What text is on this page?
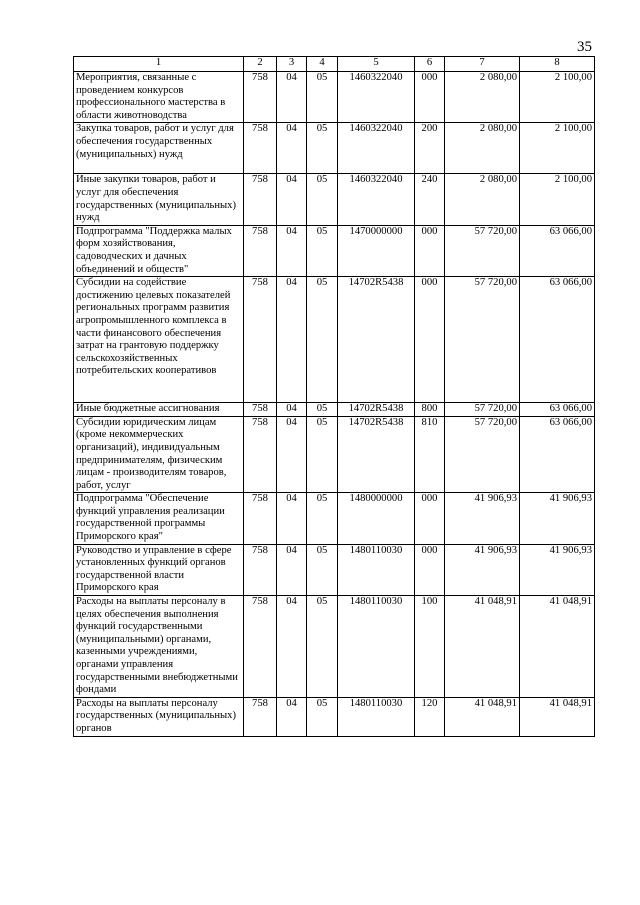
35
1	2	3	4	5	6	7	8
Мероприятия, связанные с проведением конкурсов профессионального мастерства в области животноводства	758	04	05	1460322040	000	2 080,00	2 100,00
Закупка товаров, работ и услуг для обеспечения государственных (муниципальных) нужд	758	04	05	1460322040	200	2 080,00	2 100,00
Иные закупки товаров, работ и услуг для обеспечения государственных (муниципальных) нужд	758	04	05	1460322040	240	2 080,00	2 100,00
Подпрограмма "Поддержка малых форм хозяйствования, садоводческих и дачных объединений и обществ"	758	04	05	1470000000	000	57 720,00	63 066,00
Субсидии на содействие достижению целевых показателей региональных программ развития агропромышленного комплекса в части финансового обеспечения затрат на грантовую поддержку сельскохозяйственных потребительских кооперативов	758	04	05	14702R5438	000	57 720,00	63 066,00
Иные бюджетные ассигнования	758	04	05	14702R5438	800	57 720,00	63 066,00
Субсидии юридическим лицам (кроме некоммерческих организаций), индивидуальным предпринимателям, физическим лицам - производителям товаров, работ, услуг	758	04	05	14702R5438	810	57 720,00	63 066,00
Подпрограмма "Обеспечение функций управления реализации государственной программы Приморского края"	758	04	05	1480000000	000	41 906,93	41 906,93
Руководство и управление в сфере установленных функций органов государственной власти Приморского края	758	04	05	1480110030	000	41 906,93	41 906,93
Расходы на выплаты персоналу в целях обеспечения выполнения функций государственными (муниципальными) органами, казенными учреждениями, органами управления государственными внебюджетными фондами	758	04	05	1480110030	100	41 048,91	41 048,91
Расходы на выплаты персоналу государственных (муниципальных) органов	758	04	05	1480110030	120	41 048,91	41 048,91
